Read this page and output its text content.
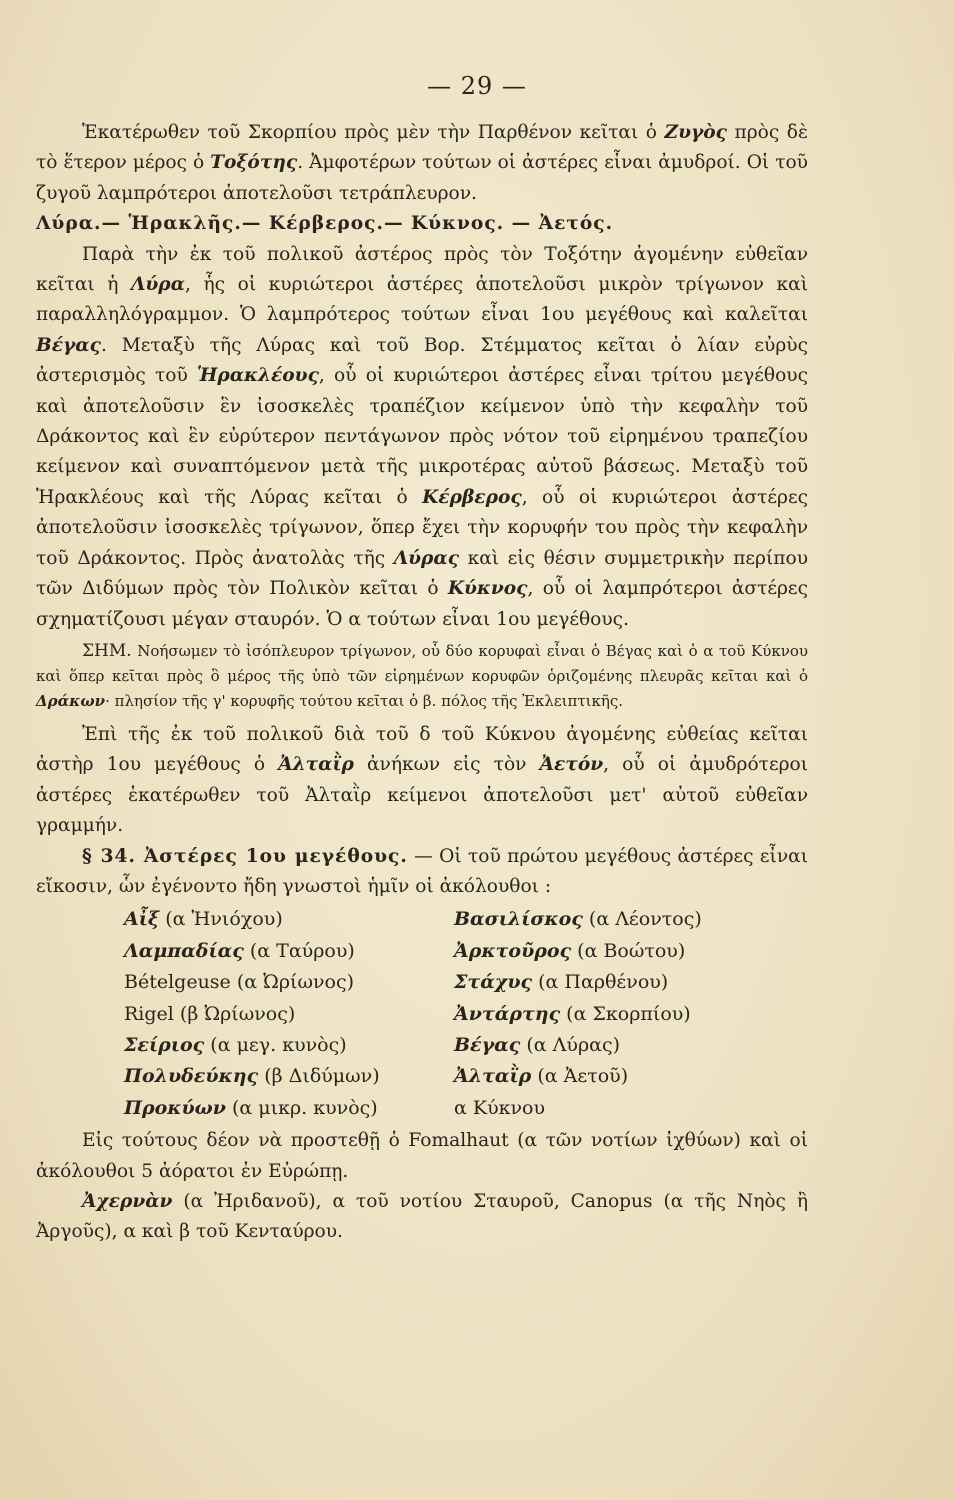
— 29 —

Ἑκατέρωθεν τοῦ Σκορπίου πρὸς μὲν τὴν Παρθένον κεῖται ὁ Ζυγὸς πρὸς δὲ τὸ ἕτερον μέρος ὁ Τοξότης. Ἀμφοτέρων τούτων οἱ ἀστέρες εἶναι ἀμυδροί. Οἱ τοῦ ζυγοῦ λαμπρότεροι ἀποτελοῦσι τετράπλευρον.

Λύρα.— Ἡρακλῆς.— Κέρβερος.— Κύκνος. — Ἀετός.

Παρὰ τὴν ἐκ τοῦ πολικοῦ ἀστέρος πρὸς τὸν Τοξότην ἀγομένην εὐθεῖαν κεῖται ἡ Λύρα, ἧς οἱ κυριώτεροι ἀστέρες ἀποτελοῦσι μικρὸν τρίγωνον καὶ παραλληλόγραμμον. Ὁ λαμπρότερος τούτων εἶναι 1ου μεγέθους καὶ καλεῖται Βέγας. Μεταξὺ τῆς Λύρας καὶ τοῦ Βορ. Στέμματος κεῖται ὁ λίαν εὐρὺς ἀστερισμὸς τοῦ Ἡρακλέους, οὗ οἱ κυριώτεροι ἀστέρες εἶναι τρίτου μεγέθους καὶ ἀποτελοῦσιν ἓν ἰσοσκελὲς τραπέζιον κείμενον ὑπὸ τὴν κεφαλὴν τοῦ Δράκοντος καὶ ἓν εὐρύτερον πεντάγωνον πρὸς νότον τοῦ εἰρημένου τραπεζίου κείμενον καὶ συναπτόμενον μετὰ τῆς μικροτέρας αὐτοῦ βάσεως. Μεταξὺ τοῦ Ἡρακλέους καὶ τῆς Λύρας κεῖται ὁ Κέρβερος, οὗ οἱ κυριώτεροι ἀστέρες ἀποτελοῦσιν ἰσοσκελὲς τρίγωνον, ὅπερ ἔχει τὴν κορυφήν του πρὸς τὴν κεφαλὴν τοῦ Δράκοντος. Πρὸς ἀνατολὰς τῆς Λύρας καὶ εἰς θέσιν συμμετρικὴν περίπου τῶν Διδύμων πρὸς τὸν Πολικὸν κεῖται ὁ Κύκνος, οὗ οἱ λαμπρότεροι ἀστέρες σχηματίζουσι μέγαν σταυρόν. Ὁ α τούτων εἶναι 1ου μεγέθους.

ΣΗΜ. Νοήσωμεν τὸ ἰσόπλευρον τρίγωνον, οὗ δύο κορυφαὶ εἶναι ὁ Βέγας καὶ ὁ α τοῦ Κύκνου καὶ ὅπερ κεῖται πρὸς ὃ μέρος τῆς ὑπὸ τῶν εἰρημένων κορυφῶν ὁριζομένης πλευρᾶς κεῖται καὶ ὁ Δράκων· πλησίον τῆς γ' κορυφῆς τούτου κεῖται ὁ β. πόλος τῆς Ἐκλειπτικῆς.

Ἐπὶ τῆς ἐκ τοῦ πολικοῦ διὰ τοῦ δ τοῦ Κύκνου ἀγομένης εὐθείας κεῖται ἀστὴρ 1ου μεγέθους ὁ Ἀλταῒρ ἀνήκων εἰς τὸν Ἀετόν, οὗ οἱ ἀμυδρότεροι ἀστέρες ἑκατέρωθεν τοῦ Ἀλταῒρ κείμενοι ἀποτελοῦσι μετ' αὐτοῦ εὐθεῖαν γραμμήν.

§ 34. Ἀστέρες 1ου μεγέθους. — Οἱ τοῦ πρώτου μεγέθους ἀστέρες εἶναι εἴκοσιν, ὧν ἐγένοντο ἤδη γνωστοὶ ἡμῖν οἱ ἀκόλουθοι :

Αἶξ (α Ἡνιόχου)	Βασιλίσκος (α Λέοντος)
Λαμπαδίας (α Ταύρου)	Ἀρκτοῦρος (α Βοώτου)
Bételgeuse (α Ὠρίωνος)	Στάχυς (α Παρθένου)
Rigel (β Ὠρίωνος)	Ἀντάρτης (α Σκορπίου)
Σείριος (α μεγ. κυνὸς)	Βέγας (α Λύρας)
Πολυδεύκης (β Διδύμων)	Ἀλταῒρ (α Ἀετοῦ)
Προκύων (α μικρ. κυνὸς)	α Κύκνου

Εἰς τούτους δέον νὰ προστεθῇ ὁ Fomalhaut (α τῶν νοτίων ἰχθύων) καὶ οἱ ἀκόλουθοι 5 ἀόρατοι ἐν Εὐρώπῃ.

Ἀχερνὰν (α Ἠριδανοῦ), α τοῦ νοτίου Σταυροῦ, Canopus (α τῆς Νηὸς ἢ Ἀργοῦς), α καὶ β τοῦ Κενταύρου.
